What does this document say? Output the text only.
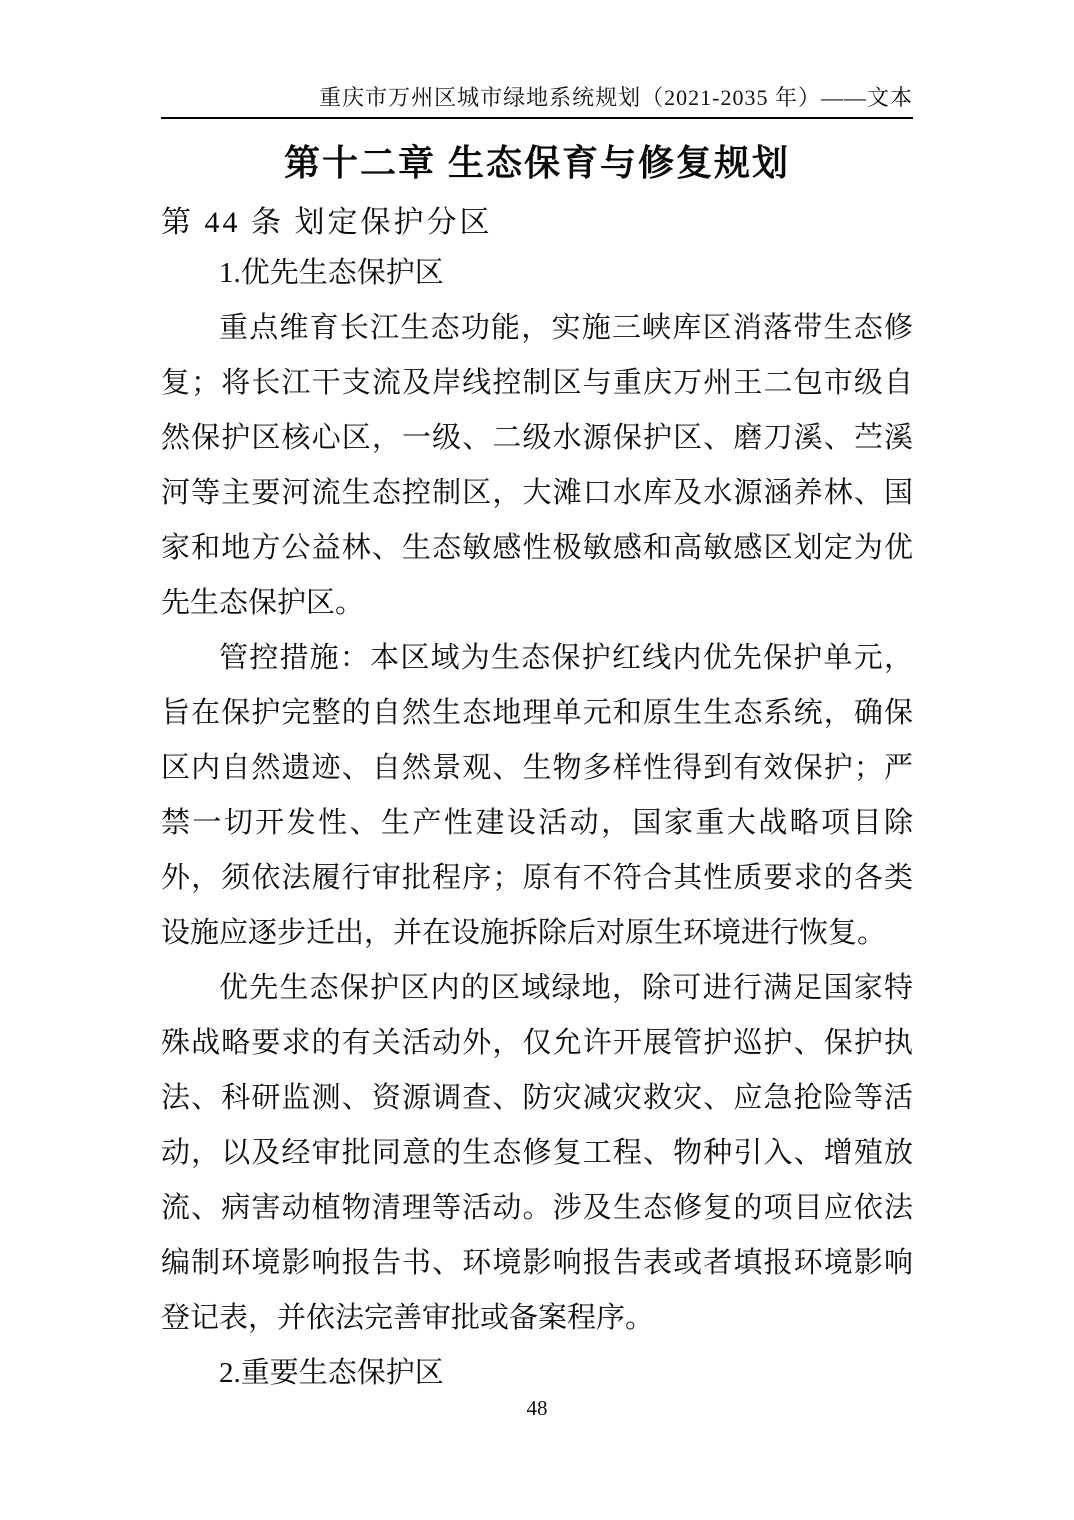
重庆市万州区城市绿地系统规划（2021-2035 年）——文本
第十二章 生态保育与修复规划
第 44 条 划定保护分区

1.优先生态保护区

重点维育长江生态功能，实施三峡库区消落带生态修复；将长江干支流及岸线控制区与重庆万州王二包市级自然保护区核心区，一级、二级水源保护区、磨刀溪、苎溪河等主要河流生态控制区，大滩口水库及水源涵养林、国家和地方公益林、生态敏感性极敏感和高敏感区划定为优先生态保护区。

管控措施：本区域为生态保护红线内优先保护单元，旨在保护完整的自然生态地理单元和原生生态系统，确保区内自然遗迹、自然景观、生物多样性得到有效保护；严禁一切开发性、生产性建设活动，国家重大战略项目除外，须依法履行审批程序；原有不符合其性质要求的各类设施应逐步迁出，并在设施拆除后对原生环境进行恢复。

优先生态保护区内的区域绿地，除可进行满足国家特殊战略要求的有关活动外，仅允许开展管护巡护、保护执法、科研监测、资源调查、防灾减灾救灾、应急抢险等活动，以及经审批同意的生态修复工程、物种引入、增殖放流、病害动植物清理等活动。涉及生态修复的项目应依法编制环境影响报告书、环境影响报告表或者填报环境影响登记表，并依法完善审批或备案程序。

2.重要生态保护区

48
